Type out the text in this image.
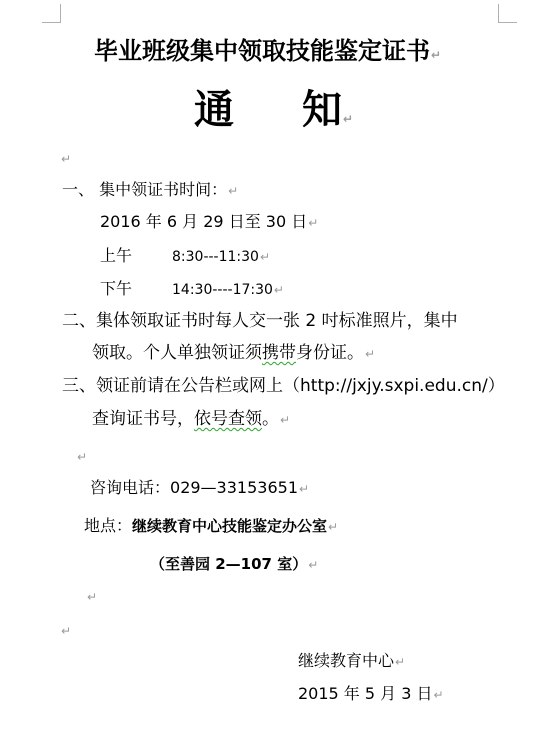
毕业班级集中领取技能鉴定证书↵
通 知↵
↵
一、 集中领证书时间：↵
2016 年 6 月 29 日至 30 日↵
上午	8:30---11:30↵
下午	14:30----17:30↵
二、集体领取证书时每人交一张 2 吋标准照片，集中
领取。个人单独领证须携带身份证。↵
三、领证前请在公告栏或网上（http://jxjy.sxpi.edu.cn/）
查询证书号，依号查领。↵
↵
咨询电话：029—33153651↵
地点：继续教育中心技能鉴定办公室↵
（至善园 2—107 室）↵
↵
↵
继续教育中心↵
2015 年 5 月 3 日↵
